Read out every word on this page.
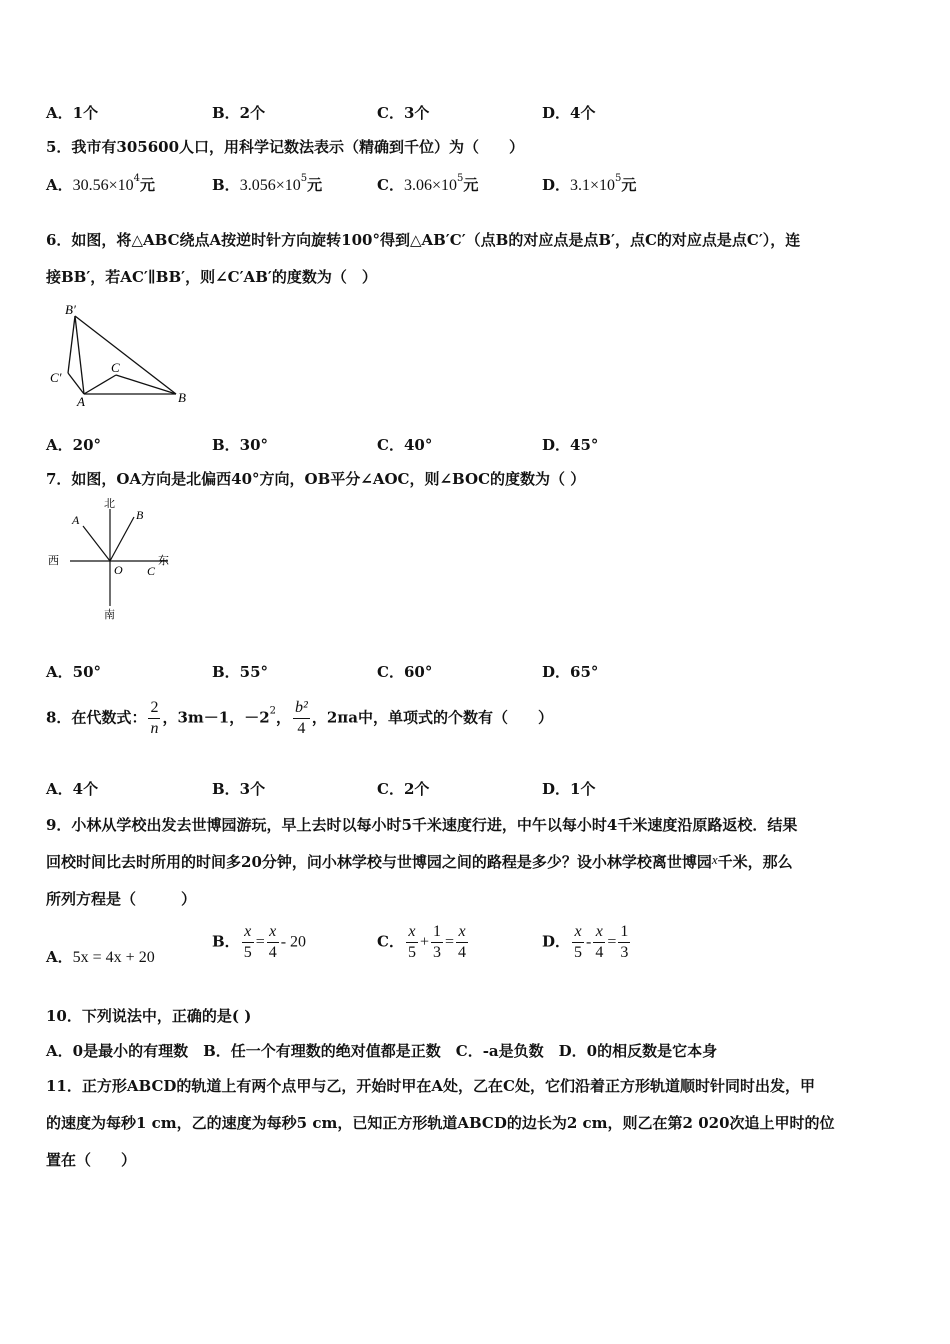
A．1个	B．2个	C．3个	D．4个
5．我市有305600人口，用科学记数法表示（精确到千位）为（　　）
A．$30.56\times 10^4$元	B．$3.056\times 10^5$元	C．$3.06\times 10^5$元	D．$3.1\times 10^5$元
6．如图，将△ABC绕点A按逆时针方向旋转100°得到△AB′C′（点B的对应点是点B′，点C的对应点是点C′），连
接BB′，若AC′∥BB′，则∠C′AB′的度数为（　）
B′
C′
C
A	B
A．20°	B．30°	C．40°	D．45°
7．如图，OA方向是北偏西40°方向，OB平分∠AOC，则∠BOC的度数为（ ）
北
南
西	东
A	B
O C
A．50°	B．55°	C．60°	D．65°
8．在代数式： $\frac{2}{n}$ ，3m－1，$-2^2$， $\frac{\text{b²}}{4}$ ，2πa中，单项式的个数有（　　）
A．4个	B．3个	C．2个	D．1个
9．小林从学校出发去世博园游玩，早上去时以每小时5千米速度行进，中午以每小时4千米速度沿原路返校．结果
回校时间比去时所用的时间多20分钟，问小林学校与世博园之间的路程是多少？设小林学校离世博园x千米，那么
所列方程是（　　　）
A．5x = 4x + 20
B． $\frac{x}{5} = \frac{x}{4} - 20$	C． $\frac{x}{5} + \frac{1}{3} = \frac{x}{4}$	D． $\frac{x}{5} - \frac{x}{4} = \frac{1}{3}$
10．下列说法中，正确的是( )
A．0是最小的有理数　B．任一个有理数的绝对值都是正数　C．-a是负数　D．0的相反数是它本身
11．正方形ABCD的轨道上有两个点甲与乙，开始时甲在A处，乙在C处，它们沿着正方形轨道顺时针同时出发，甲
的速度为每秒1 cm，乙的速度为每秒5 cm，已知正方形轨道ABCD的边长为2 cm，则乙在第2 020次追上甲时的位
置在（　　）
